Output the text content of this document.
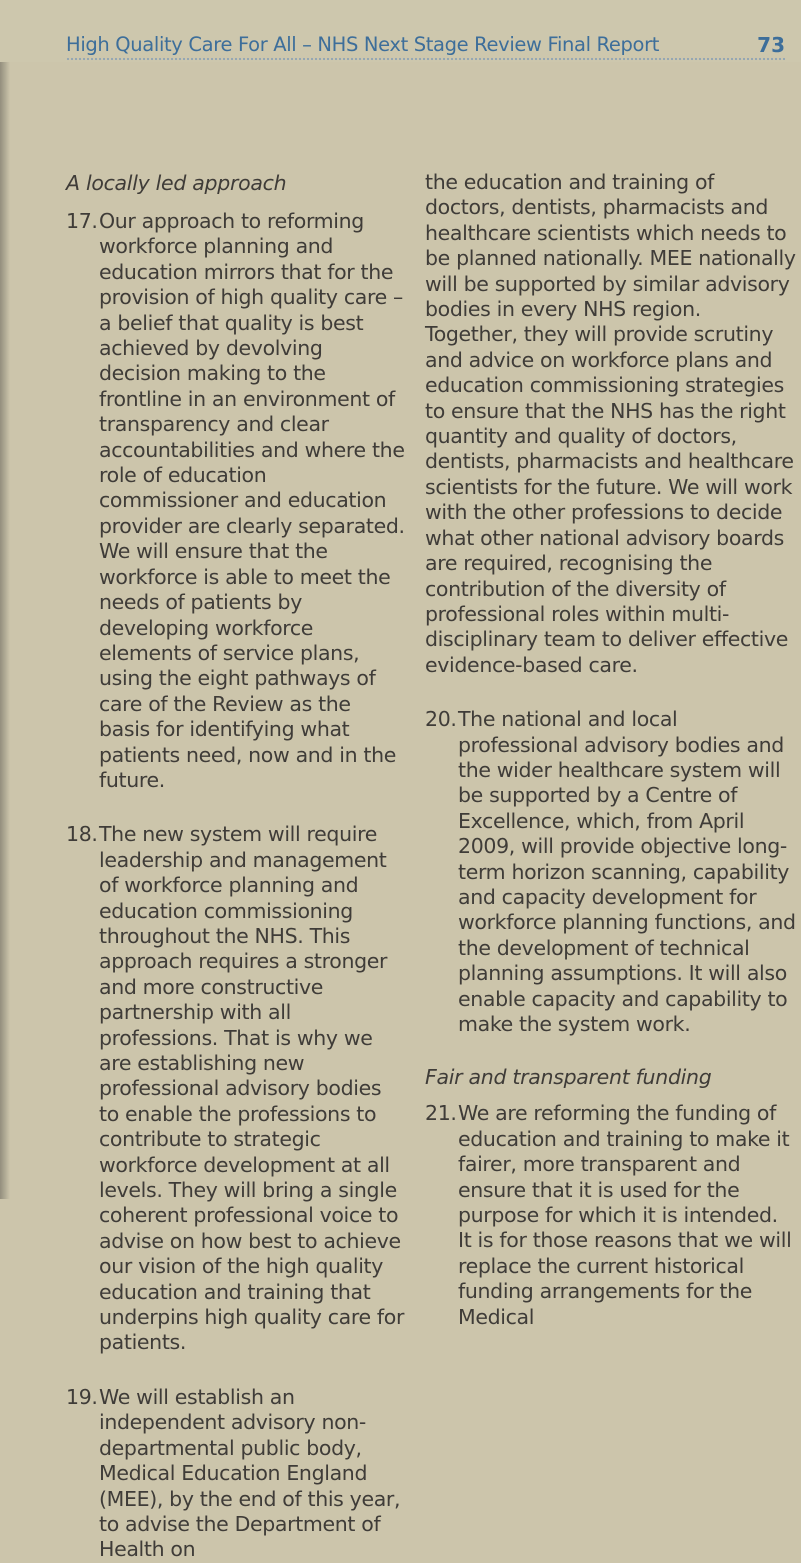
High Quality Care For All – NHS Next Stage Review Final Report	73
A locally led approach
17. Our approach to reforming workforce planning and education mirrors that for the provision of high quality care – a belief that quality is best achieved by devolving decision making to the frontline in an environment of transparency and clear accountabilities and where the role of education commissioner and education provider are clearly separated. We will ensure that the workforce is able to meet the needs of patients by developing workforce elements of service plans, using the eight pathways of care of the Review as the basis for identifying what patients need, now and in the future.
18. The new system will require leadership and management of workforce planning and education commissioning throughout the NHS. This approach requires a stronger and more constructive partnership with all professions. That is why we are establishing new professional advisory bodies to enable the professions to contribute to strategic workforce development at all levels. They will bring a single coherent professional voice to advise on how best to achieve our vision of the high quality education and training that underpins high quality care for patients.
19. We will establish an independent advisory non-departmental public body, Medical Education England (MEE), by the end of this year, to advise the Department of Health on

the education and training of doctors, dentists, pharmacists and healthcare scientists which needs to be planned nationally. MEE nationally will be supported by similar advisory bodies in every NHS region. Together, they will provide scrutiny and advice on workforce plans and education commissioning strategies to ensure that the NHS has the right quantity and quality of doctors, dentists, pharmacists and healthcare scientists for the future. We will work with the other professions to decide what other national advisory boards are required, recognising the contribution of the diversity of professional roles within multi-disciplinary team to deliver effective evidence-based care.

20. The national and local professional advisory bodies and the wider healthcare system will be supported by a Centre of Excellence, which, from April 2009, will provide objective long-term horizon scanning, capability and capacity development for workforce planning functions, and the development of technical planning assumptions. It will also enable capacity and capability to make the system work.
Fair and transparent funding
21. We are reforming the funding of education and training to make it fairer, more transparent and ensure that it is used for the purpose for which it is intended. It is for those reasons that we will replace the current historical funding arrangements for the Medical
